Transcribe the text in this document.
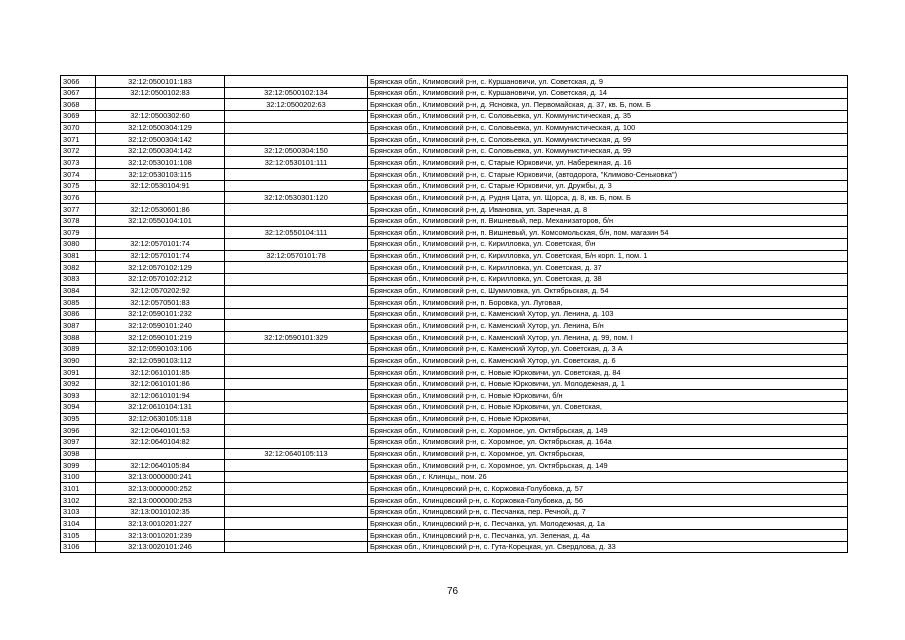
3066	32:12:0500101:183		Брянская обл., Климовский р-н, с. Куршановичи, ул. Советская, д. 9
3067	32:12:0500102:83	32:12:0500102:134	Брянская обл., Климовский р-н, с. Куршановичи, ул. Советская, д. 14
3068		32:12:0500202:63	Брянская обл., Климовский р-н, д. Ясновка, ул. Первомайская, д. 37, кв. Б, пом. Б
3069	32:12:0500302:60		Брянская обл., Климовский р-н, с. Соловьевка, ул. Коммунистическая, д. 35
3070	32:12:0500304:129		Брянская обл., Климовский р-н, с. Соловьевка, ул. Коммунистическая, д. 100
3071	32:12:0500304:142		Брянская обл., Климовский р-н, с. Соловьевка, ул. Коммунистическая, д. 99
3072	32:12:0500304:142	32:12:0500304:150	Брянская обл., Климовский р-н, с. Соловьевка, ул. Коммунистическая, д. 99
3073	32:12:0530101:108	32:12:0530101:111	Брянская обл., Климовский р-н, с. Старые Юрковичи, ул. Набережная, д. 16
3074	32:12:0530103:115		Брянская обл., Климовский р-н, с. Старые Юрковичи, (автодорога, "Климово-Сеньковка")
3075	32:12:0530104:91		Брянская обл., Климовский р-н, с. Старые Юрковичи, ул. Дружбы, д. 3
3076		32:12:0530301:120	Брянская обл., Климовский р-н, д. Рудня Цата, ул. Щорса, д. 8, кв. Б, пом. Б
3077	32:12:0530601:86		Брянская обл., Климовский р-н, д. Ивановка, ул. Заречная, д. 8
3078	32:12:0550104:101		Брянская обл., Климовский р-н, п. Вишневый, пер. Механизаторов, б/н
3079		32:12:0550104:111	Брянская обл., Климовский р-н, п. Вишневый, ул. Комсомольская, б/н, пом. магазин 54
3080	32:12:0570101:74		Брянская обл., Климовский р-н, с. Кирилловка, ул. Советская, б\н
3081	32:12:0570101:74	32:12:0570101:78	Брянская обл., Климовский р-н, с. Кирилловка, ул. Советская, Б/н корп. 1, пом. 1
3082	32:12:0570102:129		Брянская обл., Климовский р-н, с. Кирилловка, ул. Советская, д. 37
3083	32:12:0570102:212		Брянская обл., Климовский р-н, с. Кирилловка, ул. Советская, д. 38
3084	32:12:0570202:92		Брянская обл., Климовский р-н, с. Шумиловка, ул. Октябрьская, д. 54
3085	32:12:0570501:83		Брянская обл., Климовский р-н, п. Боровка, ул. Луговая,
3086	32:12:0590101:232		Брянская обл., Климовский р-н, с. Каменский Хутор, ул. Ленина, д. 103
3087	32:12:0590101:240		Брянская обл., Климовский р-н, с. Каменский Хутор, ул. Ленина, Б/н
3088	32:12:0590101:219	32:12:0590101:329	Брянская обл., Климовский р-н, с. Каменский Хутор, ул. Ленина, д. 99, пом. I
3089	32:12:0590103:106		Брянская обл., Климовский р-н, с. Каменский Хутор, ул. Советская, д. 3 А
3090	32:12:0590103:112		Брянская обл., Климовский р-н, с. Каменский Хутор, ул. Советская, д. 6
3091	32:12:0610101:85		Брянская обл., Климовский р-н, с. Новые Юрковичи, ул. Советская, д. 84
3092	32:12:0610101:86		Брянская обл., Климовский р-н, с. Новые Юрковичи, ул. Молодежная, д. 1
3093	32:12:0610101:94		Брянская обл., Климовский р-н, с. Новые Юрковичи, б/н
3094	32:12:0610104:131		Брянская обл., Климовский р-н, с. Новые Юрковичи, ул. Советская,
3095	32:12:0630105:118		Брянская обл., Климовский р-н, с. Новые Юрковичи,
3096	32:12:0640101:53		Брянская обл., Климовский р-н, с. Хоромное, ул. Октябрьская, д. 149
3097	32:12:0640104:82		Брянская обл., Климовский р-н, с. Хоромное, ул. Октябрьская, д. 164а
3098		32:12:0640105:113	Брянская обл., Климовский р-н, с. Хоромное, ул. Октябрьская,
3099	32:12:0640105:84		Брянская обл., Климовский р-н, с. Хоромное, ул. Октябрьская, д. 149
3100	32:13:0000000:241		Брянская обл., г. Клинцы,, пом. 26
3101	32:13:0000000:252		Брянская обл., Клинцовский р-н, с. Коржовка-Голубовка, д. 57
3102	32:13:0000000:253		Брянская обл., Клинцовский р-н, с. Коржовка-Голубовка, д. 56
3103	32:13:0010102:35		Брянская обл., Клинцовский р-н, с. Песчанка, пер. Речной, д. 7
3104	32:13:0010201:227		Брянская обл., Клинцовский р-н, с. Песчанка, ул. Молодежная, д. 1а
3105	32:13:0010201:239		Брянская обл., Клинцовский р-н, с. Песчанка, ул. Зеленая, д. 4а
3106	32:13:0020101:246		Брянская обл., Клинцовский р-н, с. Гута-Корецкая, ул. Свердлова, д. 33
76
